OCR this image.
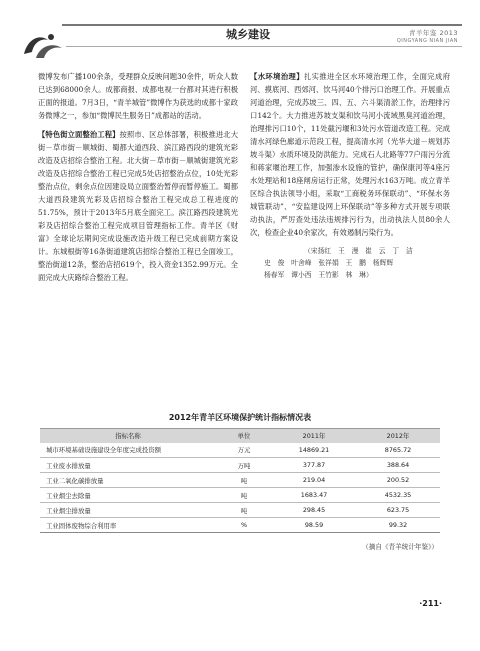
城乡建设	青羊年鉴 2013
QINGYANG NIAN JIAN

微博发布广播100余条，受理群众反映问题30余件，听众人数已达到68000余人。成都商报、成都电视一台都对其进行积极正面的报道。7月3日，“青羊城管”微博作为获选的成都十家政务微博之一，参加“微博民生服务日”成都站的活动。

【特色街立面整治工程】按照市、区总体部署，积极推进北大街－草市街－顺城街、蜀都大道西段、滨江路西段的建筑光彩改造及店招综合整治工程。北大街－草市街－顺城街建筑光彩改造及店招综合整治工程已完成5处店招整治点位，10处光彩整治点位，剩余点位因建设局立面整治暂停而暂停施工。蜀都大道西段建筑光彩及店招综合整治工程完成总工程进度的51.75%，预计于2013年5月底全面完工。滨江路西段建筑光彩及店招综合整治工程完成项目管理指标工作。青羊区《财富》全球论坛期间完成设施改造升级工程已完成前期方案设计。东城根街等16条街道建筑店招综合整治工程已全面竣工，整治街道12条，整治店招619个，投入资金1352.99万元。全面完成大庆路综合整治工程。

【水环境治理】扎实推进全区水环境治理工作，全面完成府河、摸底河、西郊河、饮马河40个排污口治理工作。开展重点河道治理，完成苏坡三、四、五、六斗渠清淤工作，治理排污口142个。大力推进苏坡支渠和饮马河小流域黑臭河道治理，治理排污口10个，11处截污堰和3处污水管道改造工程。完成清水河绿色廊道示范段工程，提高清水河（光华大道－规划苏坡斗渠）水质环境及防洪能力。完成石人北路等77户雨污分流和蒋家堰治理工作，加强渗水设施的管护，确保康河等4座污水处理站和18座闸房运行正常，处理污水163万吨。成立青羊区综合执法领导小组，采取“工商税务环保联动”、“环保水务城管联动”、“安监建设网上环保联动”等多种方式开展专项联动执法，严厉查处违法违规排污行为，出动执法人员80余人次，检查企业40余家次，有效遏制污染行为。

（宋扬红　王　漫　崔　云　丁　洁
史　俊　叶舍峰　张祥娟　王　鹏　杨辉辉
杨春军　谭小西　王竹影　林　琳）
2012年青羊区环境保护统计指标情况表
指标名称	单位	2011年	2012年
城市环境基础设施建设全年度完成投资额	万元	14869.21	8765.72
工业废水排放量	万吨	377.87	388.64
工业二氧化碳排放量	吨	219.04	200.52
工业烟尘去除量	吨	1683.47	4532.35
工业烟尘排放量	吨	298.45	623.75
工业固体废物综合利用率	%	98.59	99.32
（摘自《青羊统计年鉴》）
·211·
